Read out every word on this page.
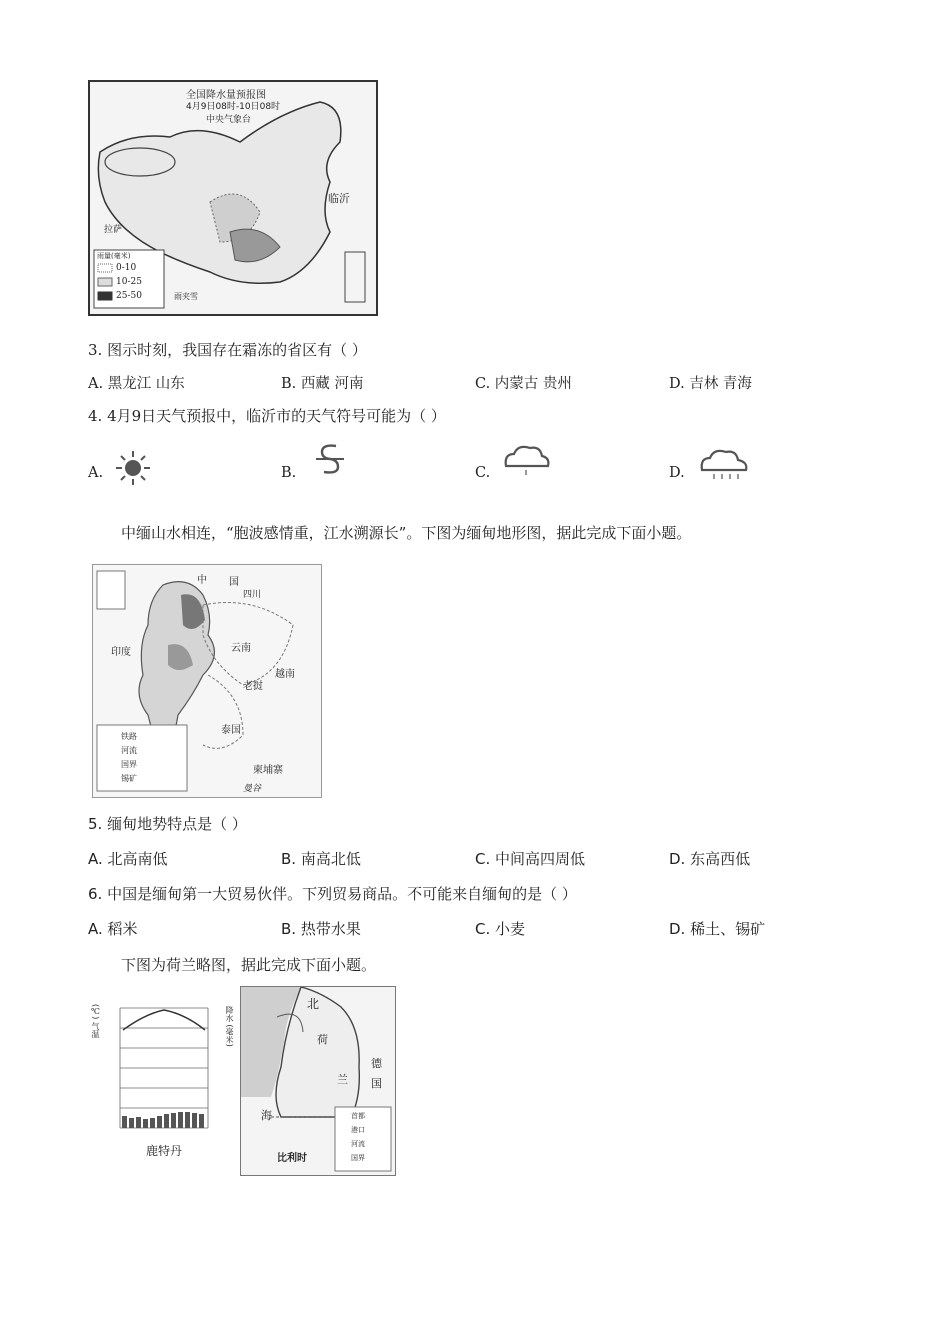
全国降水量预报图
4月9日08时-10日08时
中央气象台
临沂
拉萨
雨量(毫米)
0-10
10-25
25-50	雨夹雪
3. 图示时刻，我国存在霜冻的省区有（ ）
A. 黑龙江 山东	B. 西藏 河南	C. 内蒙古 贵州	D. 吉林 青海
4. 4月9日天气预报中，临沂市的天气符号可能为（ ）
A.	B.	C.	D.
中缅山水相连，“胞波感情重，江水溯源长”。下图为缅甸地形图，据此完成下面小题。
中 国
四川
印度	云南
老挝
泰国
越南
柬埔寨
曼谷
铁路
河流
国界
锡矿
5. 缅甸地势特点是（ ）
A. 北高南低	B. 南高北低	C. 中间高四周低	D. 东高西低
6. 中国是缅甸第一大贸易伙伴。下列贸易商品。不可能来自缅甸的是（ ）
A. 稻米	B. 热带水果	C. 小麦	D. 稀土、锡矿
下图为荷兰略图，据此完成下面小题。
(℃) 气温	降水 (毫米)
鹿特丹
北
海
荷
兰
德
国
比利时
首都
港口
河流
国界
